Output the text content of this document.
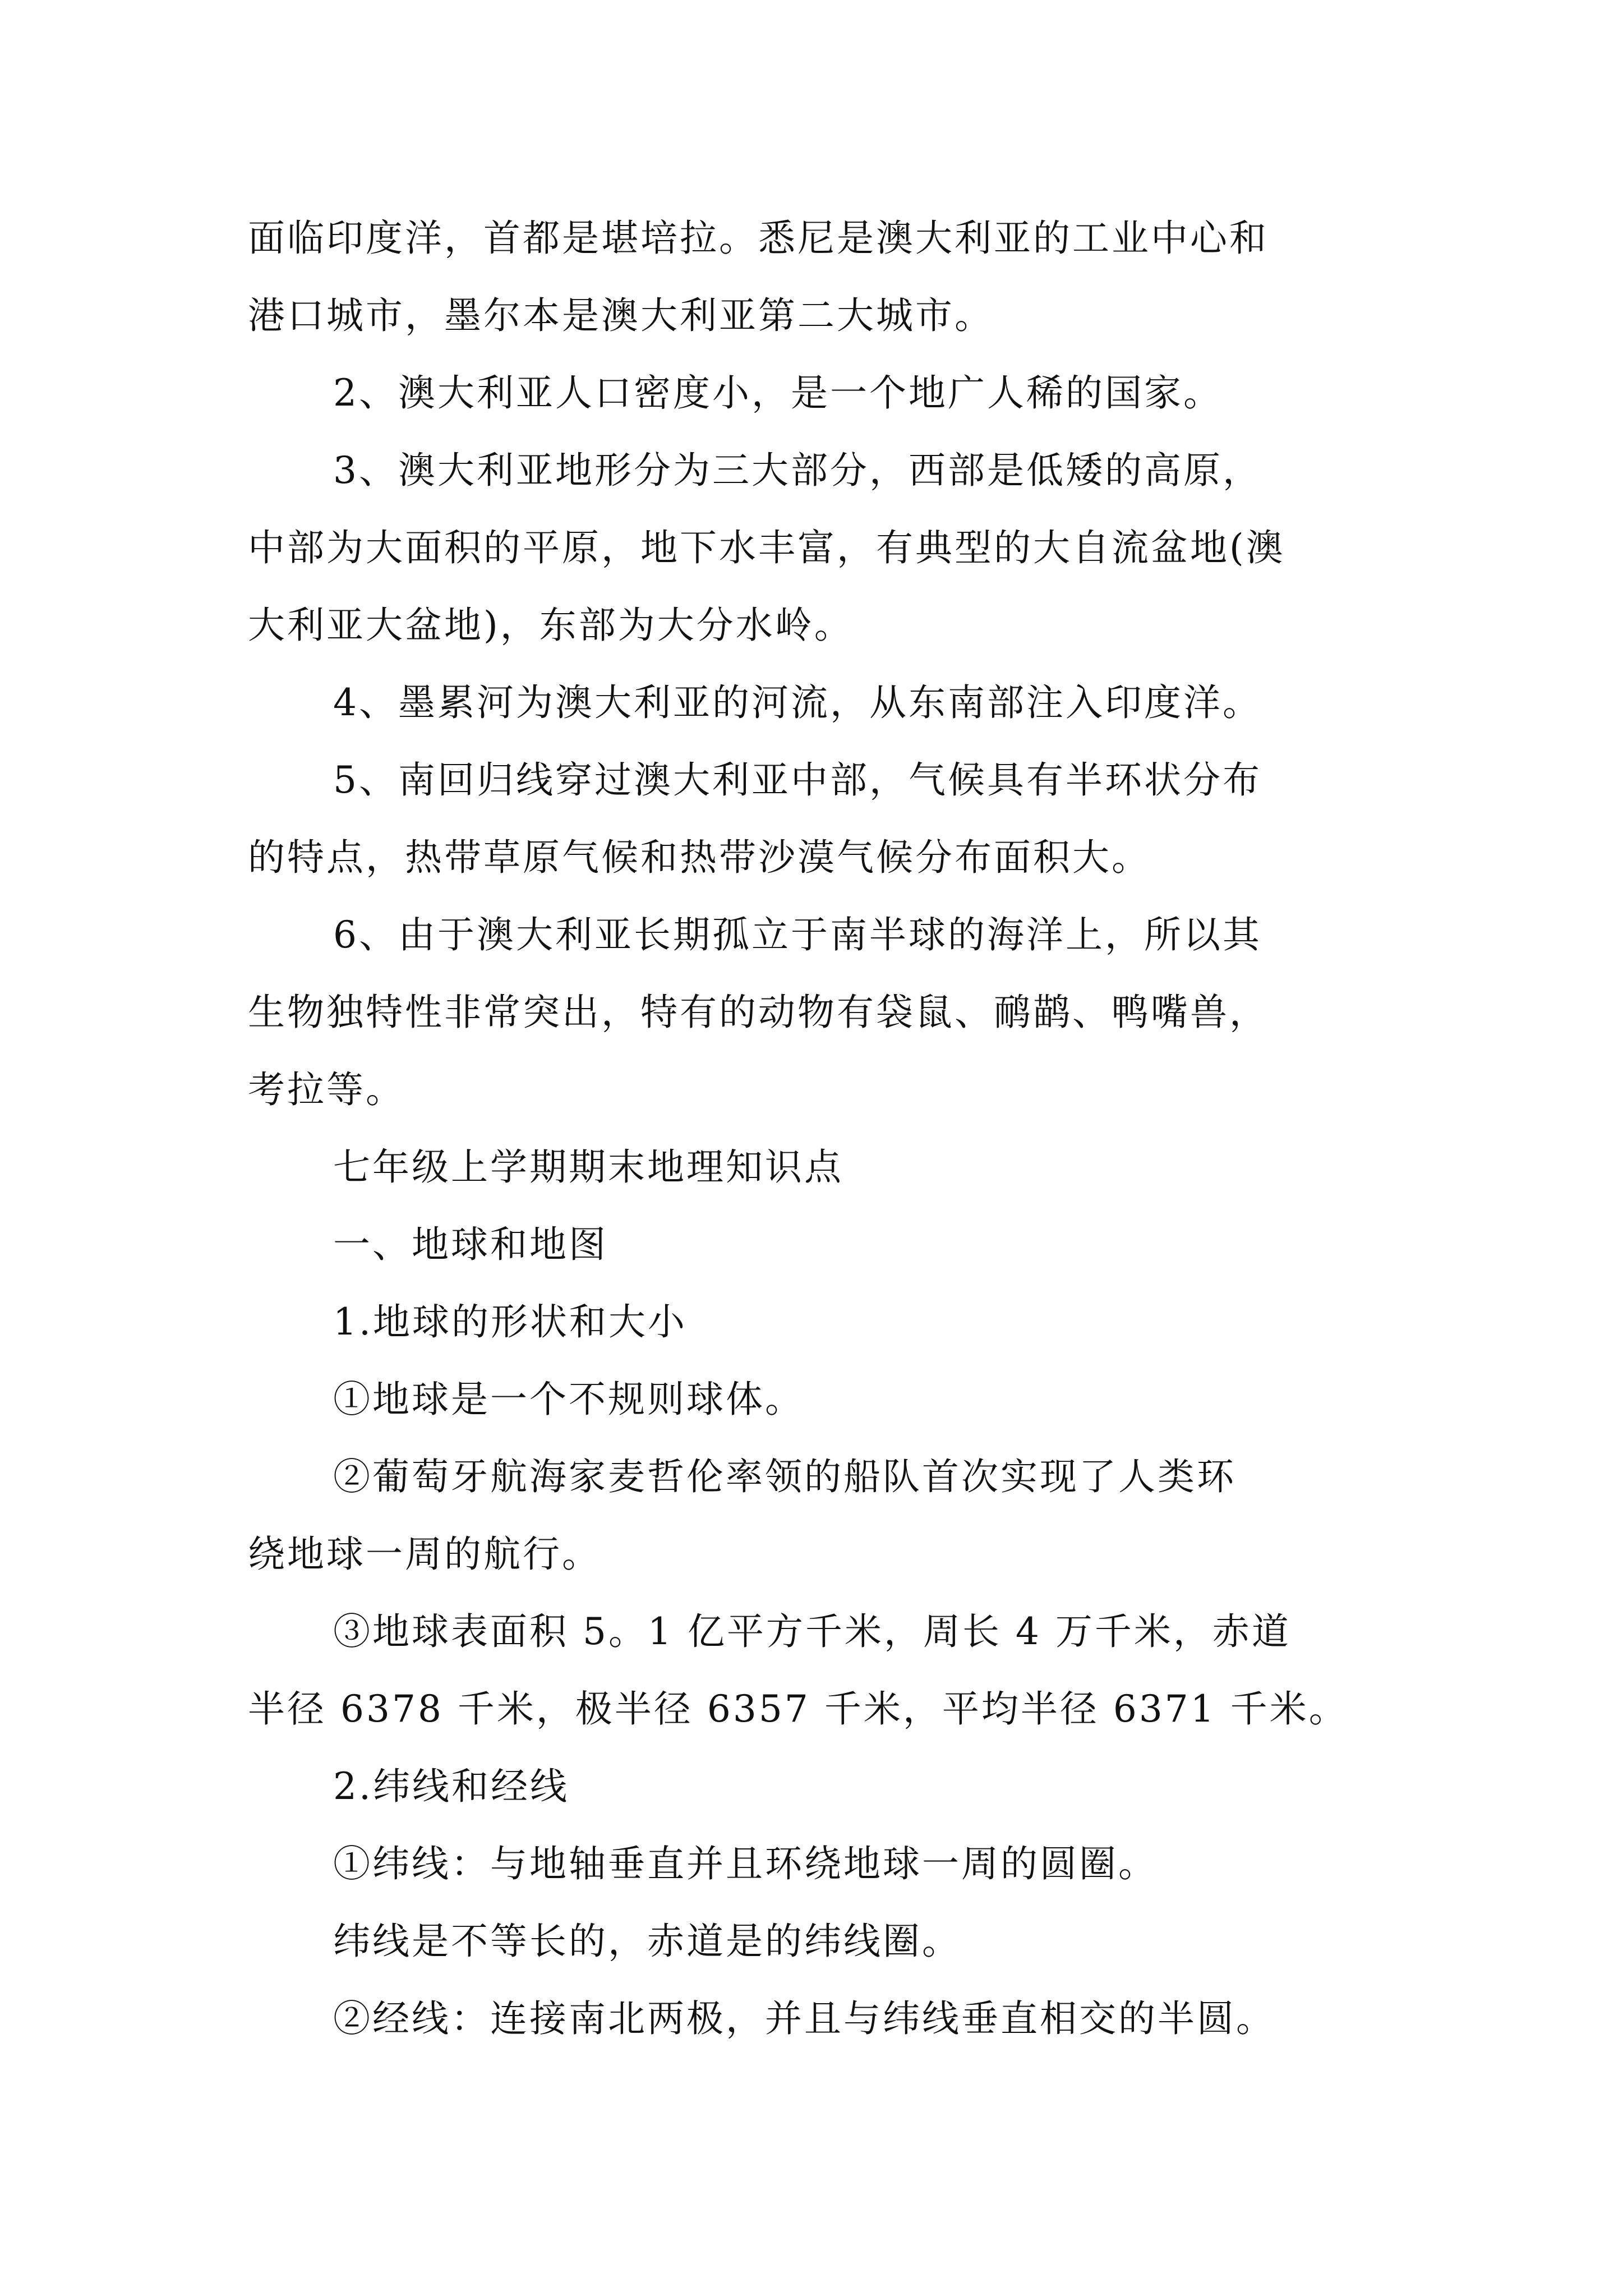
面临印度洋，首都是堪培拉。悉尼是澳大利亚的工业中心和
港口城市，墨尔本是澳大利亚第二大城市。
2、澳大利亚人口密度小，是一个地广人稀的国家。
3、澳大利亚地形分为三大部分，西部是低矮的高原，
中部为大面积的平原，地下水丰富，有典型的大自流盆地(澳
大利亚大盆地)，东部为大分水岭。
4、墨累河为澳大利亚的河流，从东南部注入印度洋。
5、南回归线穿过澳大利亚中部，气候具有半环状分布
的特点，热带草原气候和热带沙漠气候分布面积大。
6、由于澳大利亚长期孤立于南半球的海洋上，所以其
生物独特性非常突出，特有的动物有袋鼠、鸸鹋、鸭嘴兽，
考拉等。
七年级上学期期末地理知识点
一、地球和地图
1.地球的形状和大小
①地球是一个不规则球体。
②葡萄牙航海家麦哲伦率领的船队首次实现了人类环
绕地球一周的航行。
③地球表面积 5。1 亿平方千米，周长 4 万千米，赤道
半径 6378 千米，极半径 6357 千米，平均半径 6371 千米。
2.纬线和经线
①纬线：与地轴垂直并且环绕地球一周的圆圈。
纬线是不等长的，赤道是的纬线圈。
②经线：连接南北两极，并且与纬线垂直相交的半圆。
